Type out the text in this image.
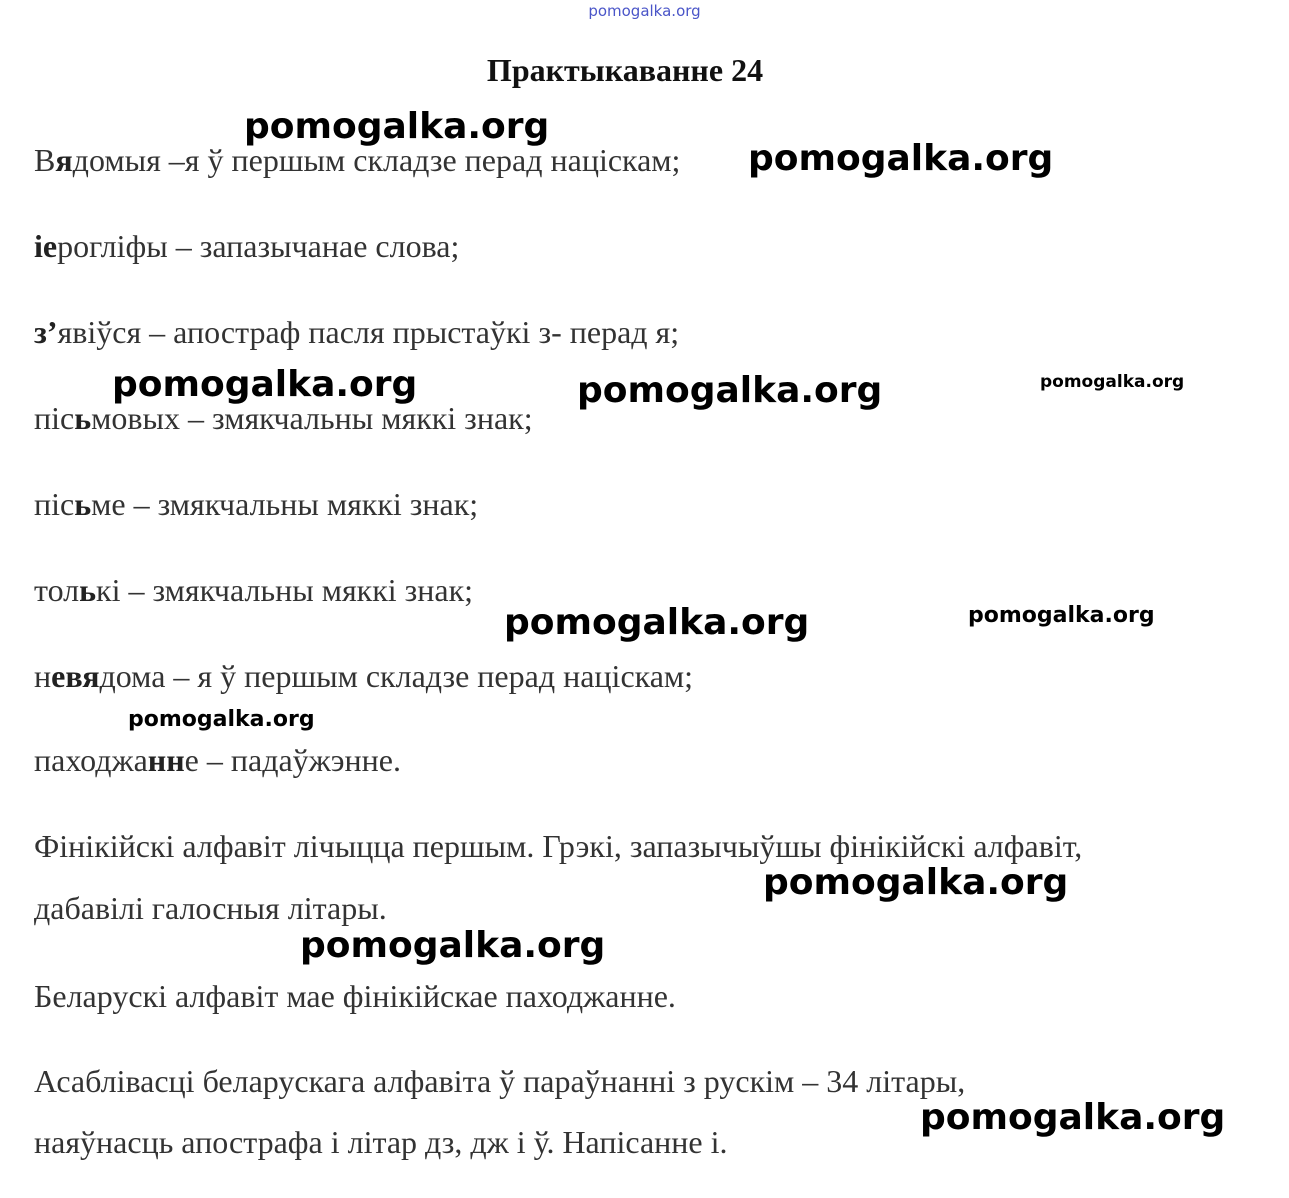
pomogalka.org
Практыкаванне 24
Вядомыя –я ў першым складзе перад націскам;
іерогліфы – запазычанае слова;
з’явіўся – апостраф пасля прыстаўкі з- перад я;
пісьмовых – змякчальны мяккі знак;
пісьме – змякчальны мяккі знак;
толькі – змякчальны мяккі знак;
невядома – я ў першым складзе перад націскам;
паходжанне – падаўжэнне.
Фінікійскі алфавіт лічыцца першым. Грэкі, запазычыўшы фінікійскі алфавіт,
дабавілі галосныя літары.
Беларускі алфавіт мае фінікійскае паходжанне.
Асаблівасці беларускага алфавіта ў параўнанні з рускім – 34 літары,
наяўнасць апострафа і літар дз, дж і ў. Напісанне і.
pomogalka.org
pomogalka.org
pomogalka.org	pomogalka.org	pomogalka.org
pomogalka.org	pomogalka.org
pomogalka.org
pomogalka.org
pomogalka.org
pomogalka.org
